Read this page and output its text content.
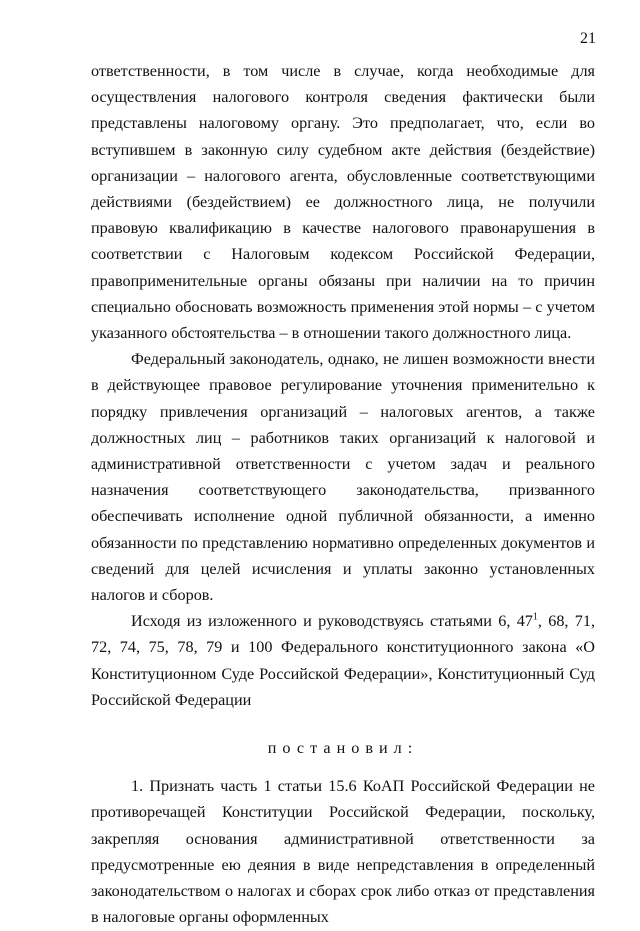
21

ответственности, в том числе в случае, когда необходимые для осуществления налогового контроля сведения фактически были представлены налоговому органу. Это предполагает, что, если во вступившем в законную силу судебном акте действия (бездействие) организации – налогового агента, обусловленные соответствующими действиями (бездействием) ее должностного лица, не получили правовую квалификацию в качестве налогового правонарушения в соответствии с Налоговым кодексом Российской Федерации, правоприменительные органы обязаны при наличии на то причин специально обосновать возможность применения этой нормы – с учетом указанного обстоятельства – в отношении такого должностного лица.

Федеральный законодатель, однако, не лишен возможности внести в действующее правовое регулирование уточнения применительно к порядку привлечения организаций – налоговых агентов, а также должностных лиц – работников таких организаций к налоговой и административной ответственности с учетом задач и реального назначения соответствующего законодательства, призванного обеспечивать исполнение одной публичной обязанности, а именно обязанности по представлению нормативно определенных документов и сведений для целей исчисления и уплаты законно установленных налогов и сборов.

Исходя из изложенного и руководствуясь статьями 6, $47^1$, 68, 71, 72, 74, 75, 78, 79 и 100 Федерального конституционного закона «О Конституционном Суде Российской Федерации», Конституционный Суд Российской Федерации

постановил:

1. Признать часть 1 статьи 15.6 КоАП Российской Федерации не противоречащей Конституции Российской Федерации, поскольку, закрепляя основания административной ответственности за предусмотренные ею деяния в виде непредставления в определенный законодательством о налогах и сборах срок либо отказ от представления в налоговые органы оформленных
